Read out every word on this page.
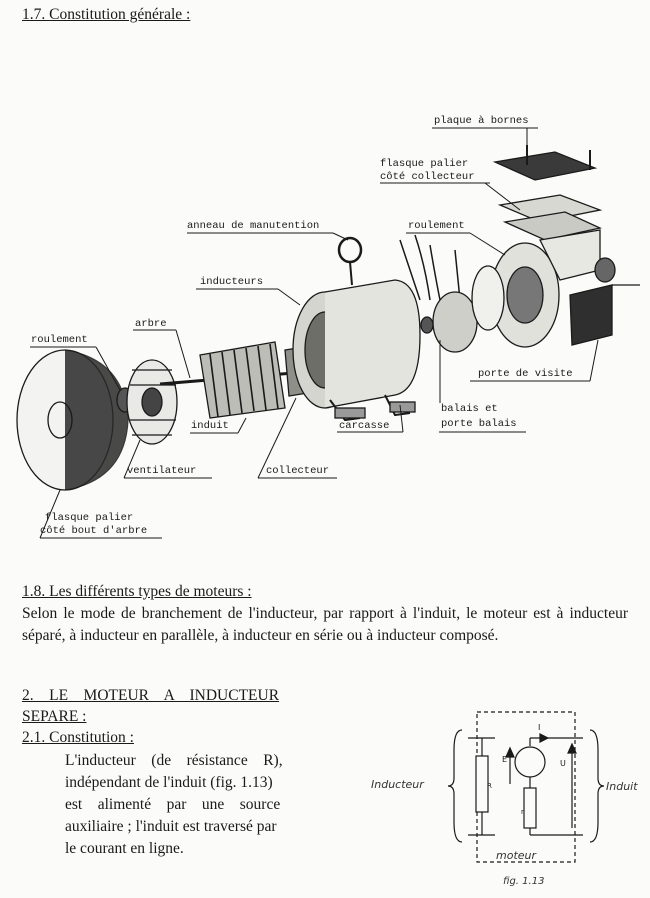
1.7. Constitution générale :
plaque à bornes
flasque palier
côté collecteur
roulement
anneau de manutention
inducteurs
arbre
roulement
porte de visite
balais et
porte balais
induit	carcasse
ventilateur	collecteur
flasque palier
côté bout d'arbre
1.8. Les différents types de moteurs :
Selon le mode de branchement de l'inducteur, par rapport à l'induit, le moteur est à inducteur séparé, à inducteur en parallèle, à inducteur en série ou à inducteur composé.
2.    LE    MOTEUR    A    INDUCTEUR
SEPARE :
2.1. Constitution :
L'inducteur    (de    résistance    R),
indépendant de l'induit (fig. 1.13)
est    alimenté    par    une    source
auxiliaire ; l'induit est traversé par
le courant en ligne.
R
E
r
I
U
Inducteur	Induit
moteur
fig. 1.13
